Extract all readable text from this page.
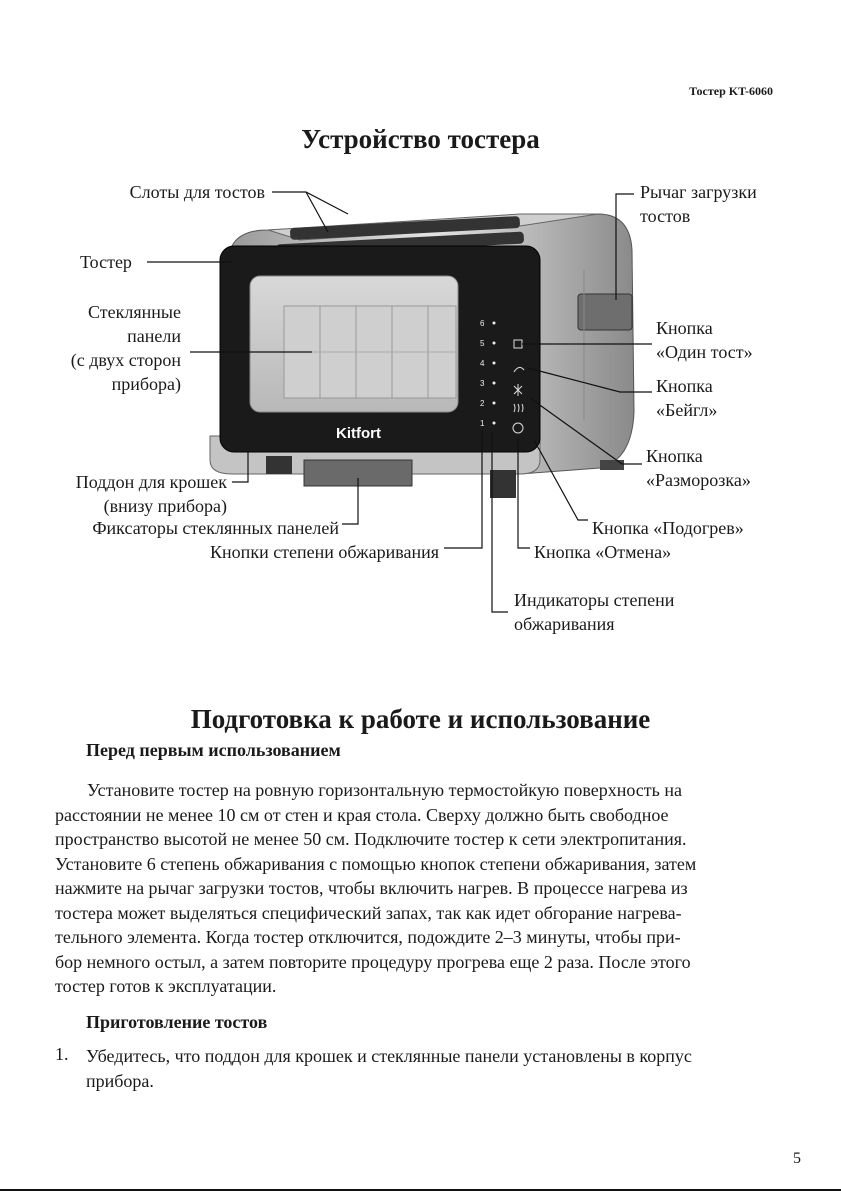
Тостер KT-6060
Устройство тостера
Kitfort
6
5
4
3
2
1
Слоты для тостов
Тостер
Стеклянные
панели
(с двух сторон
прибора)
Поддон для крошек
(внизу прибора)
Фиксаторы стеклянных панелей
Кнопки степени обжаривания
Рычаг загрузки
тостов
Кнопка
«Один тост»
Кнопка
«Бейгл»
Кнопка
«Разморозка»
Кнопка «Подогрев»
Кнопка «Отмена»
Индикаторы степени
обжаривания
Подготовка к работе и использование
Перед первым использованием
Установите тостер на ровную горизонтальную термостойкую поверхность на
расстоянии не менее 10 см от стен и края стола. Сверху должно быть свободное
пространство высотой не менее 50 см. Подключите тостер к сети электропитания.
Установите 6 степень обжаривания с помощью кнопок степени обжаривания, затем
нажмите на рычаг загрузки тостов, чтобы включить нагрев. В процессе нагрева из
тостера может выделяться специфический запах, так как идет обгорание нагрева-
тельного элемента. Когда тостер отключится, подождите 2–3 минуты, чтобы при-
бор немного остыл, а затем повторите процедуру прогрева еще 2 раза. После этого
тостер готов к эксплуатации.
Приготовление тостов
1. Убедитесь, что поддон для крошек и стеклянные панели установлены в корпус
прибора.
5
